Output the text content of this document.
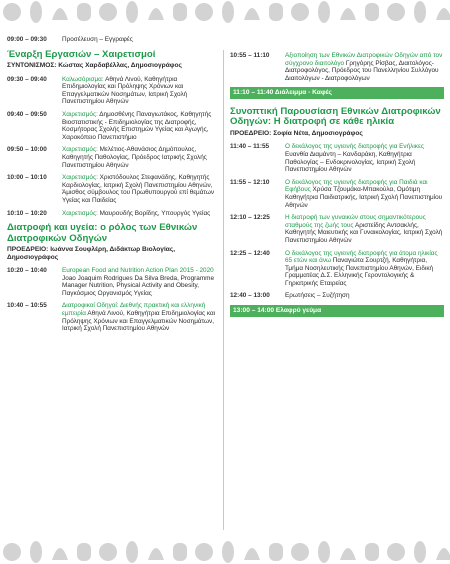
09:00 – 09:30	Προσέλευση – Εγγραφές
Έναρξη Εργασιών – Χαιρετισμοί
ΣΥΝΤΟΝΙΣΜΟΣ: Κώστας Χαρδαβέλλας, Δημοσιογράφος
09:30 – 09:40	Καλωσόρισμα: Αθηνά Λινού, Καθηγήτρια Επιδημιολογίας και Πρόληψης Χρόνιων και Επαγγελματικών Νοσημάτων, Ιατρική Σχολή Πανεπιστημίου Αθηνών
09:40 – 09:50	Χαιρετισμός: Δημοσθένης Παναγιωτάκος, Καθηγητής Βιοστατιστικής - Επιδημιολογίας της Διατροφής, Κοσμήτορας Σχολής Επιστημών Υγείας και Αγωγής, Χαροκόπειο Πανεπιστήμιο
09:50 – 10:00	Χαιρετισμός: Μελέτιος-Αθανάσιος Δημόπουλος, Καθηγητής Παθολογίας, Πρόεδρος Ιατρικής Σχολής Πανεπιστημίου Αθηνών
10:00 – 10:10	Χαιρετισμός: Χριστόδουλος Στεφανάδης, Καθηγητής Καρδιολογίας, Ιατρική Σχολή Πανεπιστημίου Αθηνών, Άμισθος σύμβουλος του Πρωθυπουργού επί θεμάτων Υγείας και Παιδείας
10:10 – 10:20	Χαιρετισμός: Μαυρουδής Βορίδης, Υπουργός Υγείας
Διατροφή και υγεία: ο ρόλος των Εθνικών Διατροφικών Οδηγών
ΠΡΟΕΔΡΕΙΟ: Ιωάννα Σουφλέρη, Διδάκτωρ Βιολογίας, Δημοσιογράφος
10:20 – 10:40	European Food and Nutrition Action Plan 2015 - 2020 Joao Joaquim Rodrigues Da Silva Breda, Programme Manager Nutrition, Physical Activity and Obesity, Παγκόσμιος Οργανισμός Υγείας
10:40 – 10:55	Διατροφικοί Οδηγοί: Διεθνής πρακτική και ελληνική εμπειρία Αθηνά Λινού, Καθηγήτρια Επιδημιολογίας και Πρόληψης Χρόνιων και Επαγγελματικών Νοσημάτων, Ιατρική Σχολή Πανεπιστημίου Αθηνών
10:55 – 11:10	Αξιοποίηση των Εθνικών Διατροφικών Οδηγών από τον σύγχρονο διαιτολόγο Γρηγόρης Ρίσβας, Διαιτολόγος-Διατροφολόγος, Πρόεδρος του Πανελληνίου Συλλόγου Διαιτολόγων - Διατροφολόγων
11:10 – 11:40 Διάλειμμα - Καφές
Συνοπτική Παρουσίαση Εθνικών Διατροφικών Οδηγών: Η διατροφή σε κάθε ηλικία
ΠΡΟΕΔΡΕΙΟ: Σοφία Νέτα, Δημοσιογράφος
11:40 – 11:55	Ο δεκάλογος της υγιεινής διατροφής για Ενήλικες Ευανθία Διαμάντη – Κανδαράκη, Καθηγήτρια Παθολογίας – Ενδοκρινολογίας, Ιατρική Σχολή Πανεπιστημίου Αθηνών
11:55 – 12:10	Ο δεκάλογος της υγιεινής διατροφής για Παιδιά και Εφήβους Χρύσα Τζουμάκα-Μπακούλα, Ομότιμη Καθηγήτρια Παιδιατρικής, Ιατρική Σχολή Πανεπιστημίου Αθηνών
12:10 – 12:25	Η διατροφή των γυναικών στους σημαντικότερους σταθμούς της ζωής τους Αριστείδης Αντσακλής, Καθηγητής Μαιευτικής και Γυναικολογίας, Ιατρική Σχολή Πανεπιστημίου Αθηνών
12:25 – 12:40	Ο δεκάλογος της υγιεινής διατροφής για άτομα ηλικίας 65 ετών και άνω Παναγιώτα Σουρτζή, Καθηγήτρια, Τμήμα Νοσηλευτικής Πανεπιστημίου Αθηνών, Ειδική Γραμματέας Δ.Σ. Ελληνικής Γεροντολογικής & Γηριατρικής Εταιρείας
12:40 – 13:00	Ερωτήσεις – Συζήτηση
13:00 – 14:00 Ελαφρύ γεύμα
